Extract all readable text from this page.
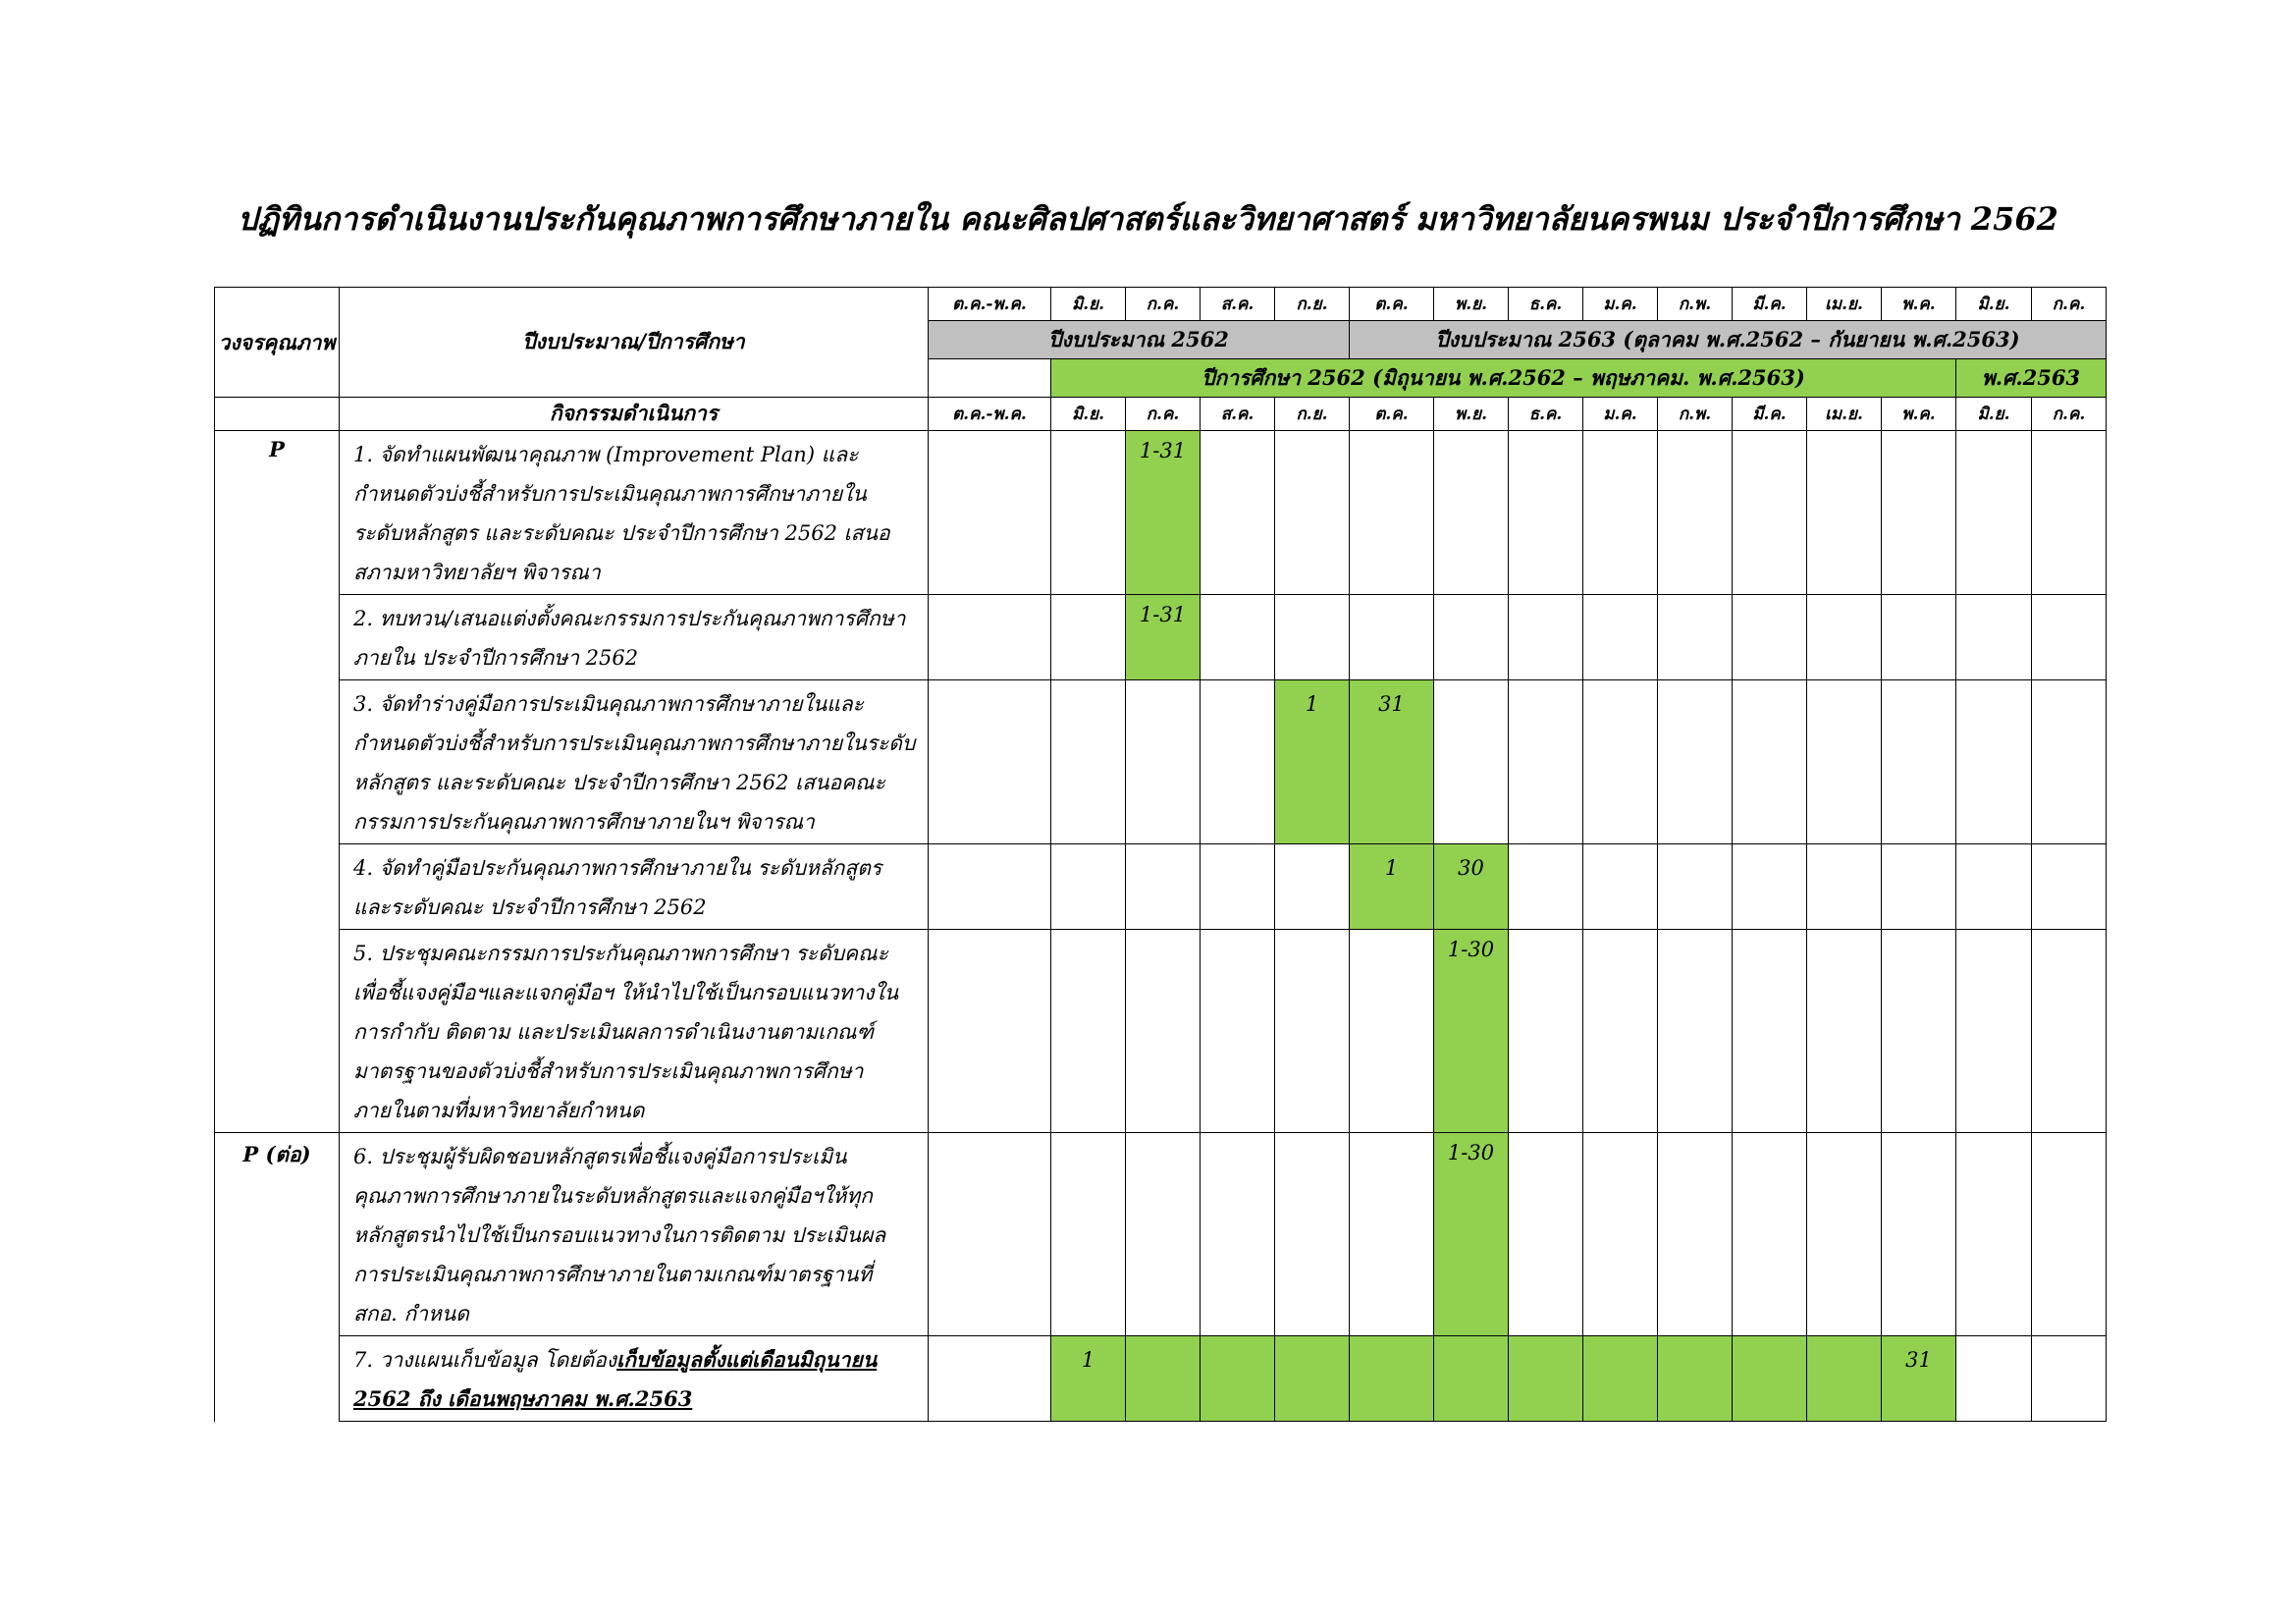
ปฏิทินการดำเนินงานประกันคุณภาพการศึกษาภายใน คณะศิลปศาสตร์และวิทยาศาสตร์ มหาวิทยาลัยนครพนม ประจำปีการศึกษา 2562
วงจรคุณภาพ	ปีงบประมาณ/ปีการศึกษา	ต.ค.-พ.ค.	มิ.ย.	ก.ค.	ส.ค.	ก.ย.	ต.ค.	พ.ย.	ธ.ค.	ม.ค.	ก.พ.	มี.ค.	เม.ย.	พ.ค.	มิ.ย.	ก.ค.
		ปีงบประมาณ 2562					ปีงบประมาณ 2563 (ตุลาคม พ.ศ.2562 – กันยายน พ.ศ.2563)									
			ปีการศึกษา 2562 (มิถุนายน พ.ศ.2562 – พฤษภาคม. พ.ศ.2563)												พ.ศ.2563	
	กิจกรรมดำเนินการ	ต.ค.-พ.ค.	มิ.ย.	ก.ค.	ส.ค.	ก.ย.	ต.ค.	พ.ย.	ธ.ค.	ม.ค.	ก.พ.	มี.ค.	เม.ย.	พ.ค.	มิ.ย.	ก.ค.
P	1. จัดทำแผนพัฒนาคุณภาพ (Improvement Plan) และกำหนดตัวบ่งชี้สำหรับการประเมินคุณภาพการศึกษาภายใน ระดับหลักสูตร และระดับคณะ ประจำปีการศึกษา 2562 เสนอสภามหาวิทยาลัยฯ พิจารณา			1-31												
	2. ทบทวน/เสนอแต่งตั้งคณะกรรมการประกันคุณภาพการศึกษาภายใน ประจำปีการศึกษา 2562			1-31												
	3. จัดทำร่างคู่มือการประเมินคุณภาพการศึกษาภายในและกำหนดตัวบ่งชี้สำหรับการประเมินคุณภาพการศึกษาภายในระดับหลักสูตร และระดับคณะ ประจำปีการศึกษา 2562 เสนอคณะกรรมการประกันคุณภาพการศึกษาภายในฯ พิจารณา					1	31									
	4. จัดทำคู่มือประกันคุณภาพการศึกษาภายใน ระดับหลักสูตรและระดับคณะ ประจำปีการศึกษา 2562						1	30								
	5. ประชุมคณะกรรมการประกันคุณภาพการศึกษา ระดับคณะ เพื่อชี้แจงคู่มือฯและแจกคู่มือฯ ให้นำไปใช้เป็นกรอบแนวทางในการกำกับ ติดตาม และประเมินผลการดำเนินงานตามเกณฑ์มาตรฐานของตัวบ่งชี้สำหรับการประเมินคุณภาพการศึกษาภายในตามที่มหาวิทยาลัยกำหนด							1-30								
P (ต่อ)	6. ประชุมผู้รับผิดชอบหลักสูตรเพื่อชี้แจงคู่มือการประเมินคุณภาพการศึกษาภายในระดับหลักสูตรและแจกคู่มือฯให้ทุกหลักสูตรนำไปใช้เป็นกรอบแนวทางในการติดตาม ประเมินผลการประเมินคุณภาพการศึกษาภายในตามเกณฑ์มาตรฐานที่ สกอ. กำหนด							1-30								
	7. วางแผนเก็บข้อมูล โดยต้องเก็บข้อมูลตั้งแต่เดือนมิถุนายน 2562 ถึง เดือนพฤษภาคม พ.ศ.2563		1											31		
